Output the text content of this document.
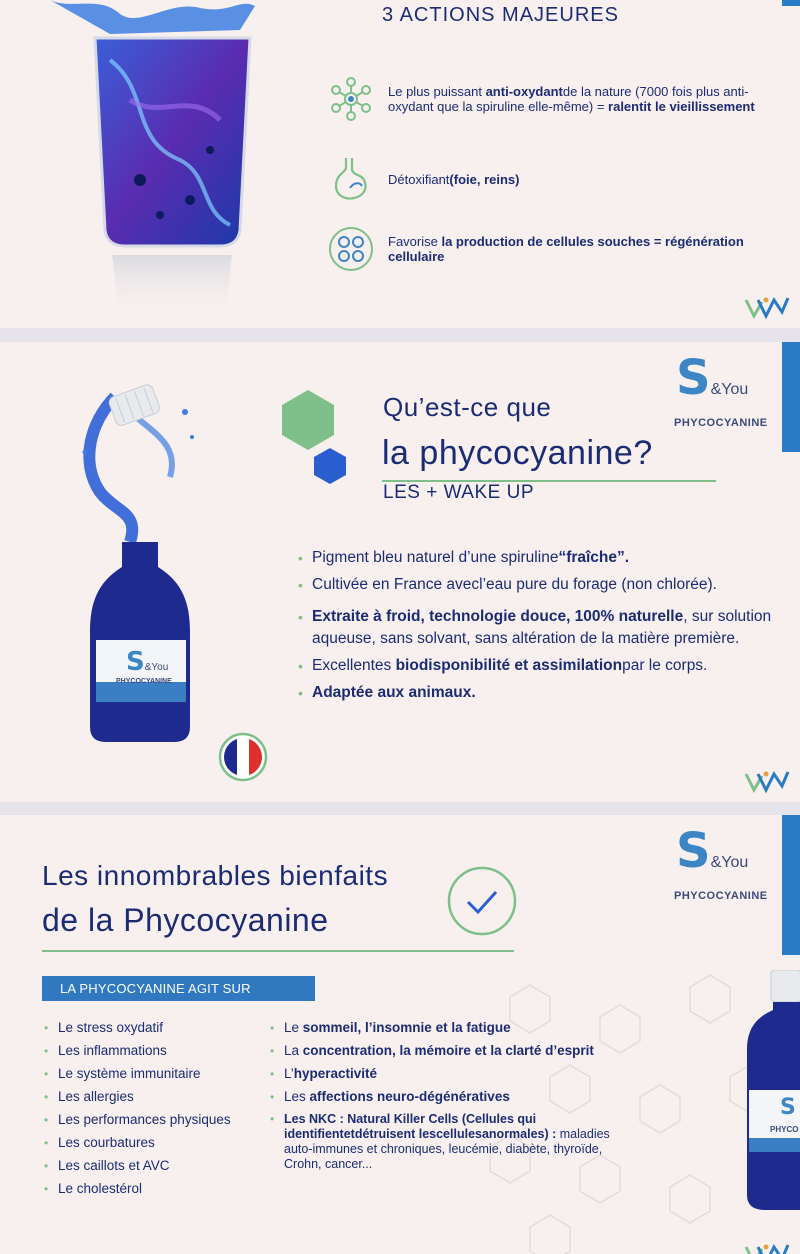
3 ACTIONS MAJEURES
Le plus puissant anti-oxydantde la nature (7000 fois plus anti-oxydant que la spiruline elle-même) = ralentit le vieillissement
Détoxifiant(foie, reins)
Favorise la production de cellules souches = régénération cellulaire
S&You
PHYCOCYANINE
Qu’est-ce que
la phycocyanine?
LES + WAKE UP
S&You
PHYCOCYANINE
• Pigment bleu naturel d’une spiruline“fraîche”.
• Cultivée en France avecl’eau pure du forage (non chlorée).
• Extraite à froid, technologie douce, 100% naturelle, sur solution aqueuse, sans solvant, sans altération de la matière première.
• Excellentes biodisponibilité et assimilationpar le corps.
• Adaptée aux animaux.
Les innombrables bienfaits
de la Phycocyanine
S&You
PHYCOCYANINE
LA PHYCOCYANINE AGIT SUR
• Le stress oxydatif
• Les inflammations
• Le système immunitaire
• Les allergies
• Les performances physiques
• Les courbatures
• Les caillots et AVC
• Le cholestérol
• Le sommeil, l’insomnie et la fatigue
• La concentration, la mémoire et la clarté d’esprit
• L’hyperactivité
• Les affections neuro-dégénératives
• Les NKC : Natural Killer Cells (Cellules qui identifientetdétruisent lescellulesanormales) : maladies auto-immunes et chroniques, leucémie, diabète, thyroïde, Crohn, cancer...
S
PHYCO
